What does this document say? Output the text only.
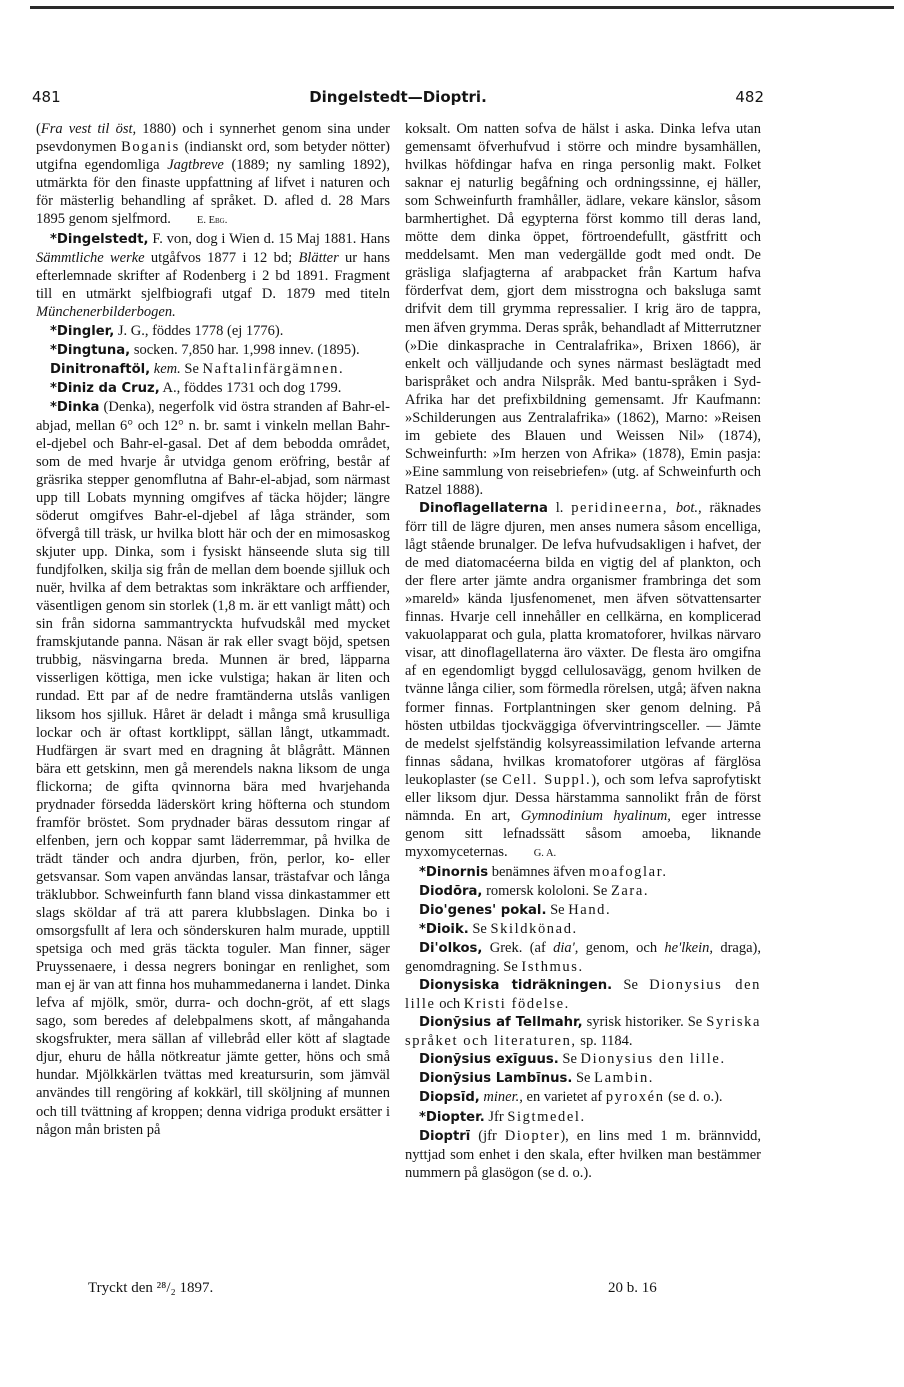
481	Dingelstedt—Dioptri.	482

(Fra vest til öst, 1880) och i synnerhet genom sina under psevdonymen Boganis (indianskt ord, som betyder nötter) utgifna egendomliga Jagtbreve (1889; ny samling 1892), utmärkta för den finaste uppfattning af lifvet i naturen och för mästerlig behandling af språket. D. afled d. 28 Mars 1895 genom sjelfmord. E. Ebg.

*Dingelstedt, F. von, dog i Wien d. 15 Maj 1881. Hans Sämmtliche werke utgåfvos 1877 i 12 bd; Blätter ur hans efterlemnade skrifter af Rodenberg i 2 bd 1891. Fragment till en utmärkt sjelfbiografi utgaf D. 1879 med titeln Münchenerbilderbogen.

*Dingler, J. G., föddes 1778 (ej 1776).

*Dingtuna, socken. 7,850 har. 1,998 innev. (1895).

Dinitronaftöl, kem. Se Naftalinfärgämnen.

*Diniz da Cruz, A., föddes 1731 och dog 1799.

*Dinka (Denka), negerfolk vid östra stranden af Bahr-el-abjad, mellan 6° och 12° n. br. samt i vinkeln mellan Bahr-el-djebel och Bahr-el-gasal. Det af dem bebodda området, som de med hvarje år utvidga genom eröfring, består af gräsrika stepper genomflutna af Bahr-el-abjad, som närmast upp till Lobats mynning omgifves af täcka höjder; längre söderut omgifves Bahr-el-djebel af låga stränder, som öfvergå till träsk, ur hvilka blott här och der en mimosaskog skjuter upp. Dinka, som i fysiskt hänseende sluta sig till fundjfolken, skilja sig från de mellan dem boende sjilluk och nuër, hvilka af dem betraktas som inkräktare och arffiender, väsentligen genom sin storlek (1,8 m. är ett vanligt mått) och sin från sidorna sammantryckta hufvudskål med mycket framskjutande panna. Näsan är rak eller svagt böjd, spetsen trubbig, näsvingarna breda. Munnen är bred, läpparna visserligen köttiga, men icke vulstiga; hakan är liten och rundad. Ett par af de nedre framtänderna utslås vanligen liksom hos sjilluk. Håret är deladt i många små krusulliga lockar och är oftast kortklippt, sällan långt, utkammadt. Hudfärgen är svart med en dragning åt blågrått. Männen bära ett getskinn, men gå merendels nakna liksom de unga flickorna; de gifta qvinnorna bära med hvarjehanda prydnader försedda läderskört kring höfterna och stundom framför bröstet. Som prydnader bäras dessutom ringar af elfenben, jern och koppar samt läderremmar, på hvilka de trädt tänder och andra djurben, frön, perlor, ko- eller getsvansar. Som vapen användas lansar, trästafvar och långa träklubbor. Schweinfurth fann bland vissa dinkastammer ett slags sköldar af trä att parera klubbslagen. Dinka bo i omsorgsfullt af lera och sönderskuren halm murade, upptill spetsiga och med gräs täckta toguler. Man finner, säger Pruyssenaere, i dessa negrers boningar en renlighet, som man ej är van att finna hos muhammedanerna i landet. Dinka lefva af mjölk, smör, durra- och dochn-gröt, af ett slags sago, som beredes af delebpalmens skott, af mångahanda skogsfrukter, mera sällan af villebråd eller kött af slagtade djur, ehuru de hålla nötkreatur jämte getter, höns och små hundar. Mjölkkärlen tvättas med kreatursurin, som jämväl användes till rengöring af kokkärl, till sköljning af munnen och till tvättning af kroppen; denna vidriga produkt ersätter i någon mån bristen på

koksalt. Om natten sofva de hälst i aska. Dinka lefva utan gemensamt öfverhufvud i större och mindre bysamhällen, hvilkas höfdingar hafva en ringa personlig makt. Folket saknar ej naturlig begåfning och ordningssinne, ej häller, som Schweinfurth framhåller, ädlare, vekare känslor, såsom barmhertighet. Då egypterna först kommo till deras land, mötte dem dinka öppet, förtroendefullt, gästfritt och meddelsamt. Men man vedergällde godt med ondt. De gräsliga slafjagterna af arabpacket från Kartum hafva förderfvat dem, gjort dem misstrogna och baksluga samt drifvit dem till grymma repressalier. I krig äro de tappra, men äfven grymma. Deras språk, behandladt af Mitterrutzner (»Die dinkasprache in Centralafrika», Brixen 1866), är enkelt och välljudande och synes närmast beslägtadt med barispråket och andra Nilspråk. Med bantu-språken i Syd-Afrika har det prefixbildning gemensamt. Jfr Kaufmann: »Schilderungen aus Zentralafrika» (1862), Marno: »Reisen im gebiete des Blauen und Weissen Nil» (1874), Schweinfurth: »Im herzen von Afrika» (1878), Emin pasja: »Eine sammlung von reisebriefen» (utg. af Schweinfurth och Ratzel 1888).

Dinoflagellaterna l. peridineerna, bot., räknades förr till de lägre djuren, men anses numera såsom encelliga, lågt stående brunalger. De lefva hufvudsakligen i hafvet, der de med diatomacéerna bilda en vigtig del af plankton, och der flere arter jämte andra organismer frambringa det som »mareld» kända ljusfenomenet, men äfven sötvattensarter finnas. Hvarje cell innehåller en cellkärna, en komplicerad vakuolapparat och gula, platta kromatoforer, hvilkas närvaro visar, att dinoflagellaterna äro växter. De flesta äro omgifna af en egendomligt byggd cellulosavägg, genom hvilken de tvänne långa cilier, som förmedla rörelsen, utgå; äfven nakna former finnas. Fortplantningen sker genom delning. På hösten utbildas tjockväggiga öfvervintringsceller. — Jämte de medelst sjelfständig kolsyreassimilation lefvande arterna finnas sådana, hvilkas kromatoforer utgöras af färglösa leukoplaster (se Cell. Suppl.), och som lefva saprofytiskt eller liksom djur. Dessa härstamma sannolikt från de först nämnda. En art, Gymnodinium hyalinum, eger intresse genom sitt lefnadssätt såsom amoeba, liknande myxomyceternas. G. A.

*Dinornis benämnes äfven moafoglar.

Diodōra, romersk kololoni. Se Zara.

Dio'genes' pokal. Se Hand.

*Dioik. Se Skildkönad.

Di'olkos, Grek. (af dia', genom, och he'lkein, draga), genomdragning. Se Isthmus.

Dionysiska tidräkningen. Se Dionysius den lille och Kristi födelse.

Dionȳsius af Tellmahr, syrisk historiker. Se Syriska språket och literaturen, sp. 1184.

Dionȳsius exīguus. Se Dionysius den lille.

Dionȳsius Lambīnus. Se Lambin.

Diopsīd, miner., en varietet af pyroxén (se d. o.).

*Diopter. Jfr Sigtmedel.

Dioptrī (jfr Diopter), en lins med 1 m. brännvidd, nyttjad som enhet i den skala, efter hvilken man bestämmer nummern på glasögon (se d. o.).

Tryckt den ²⁸/₂ 1897.	20 b. 16
